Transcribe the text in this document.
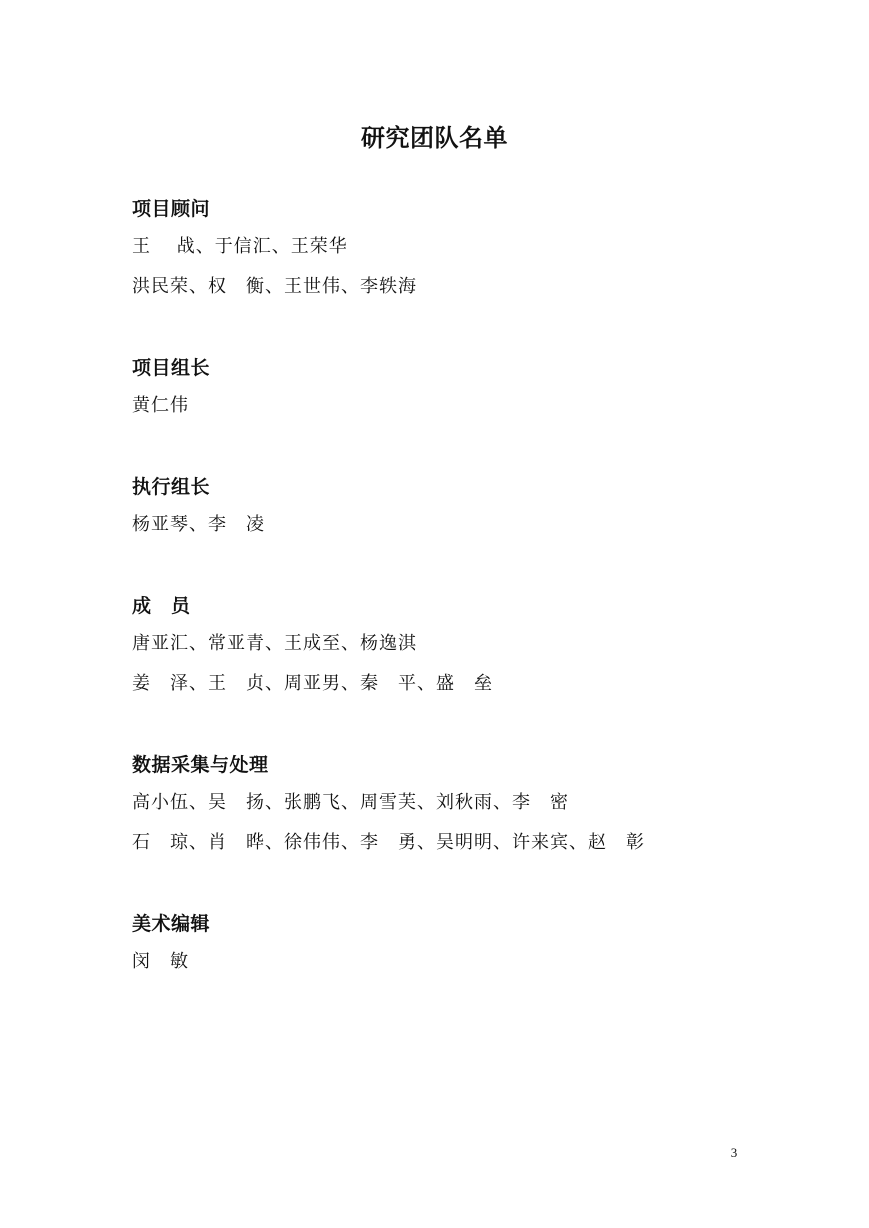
研究团队名单
项目顾问
王　 战、于信汇、王荣华
洪民荣、权　衡、王世伟、李轶海
项目组长
黄仁伟
执行组长
杨亚琴、李　凌
成　员
唐亚汇、常亚青、王成至、杨逸淇
姜　泽、王　贞、周亚男、秦　平、盛　垒
数据采集与处理
高小伍、吴　扬、张鹏飞、周雪芙、刘秋雨、李　密
石　琼、肖　晔、徐伟伟、李　勇、吴明明、许来宾、赵　彰
美术编辑
闵　敏
3
